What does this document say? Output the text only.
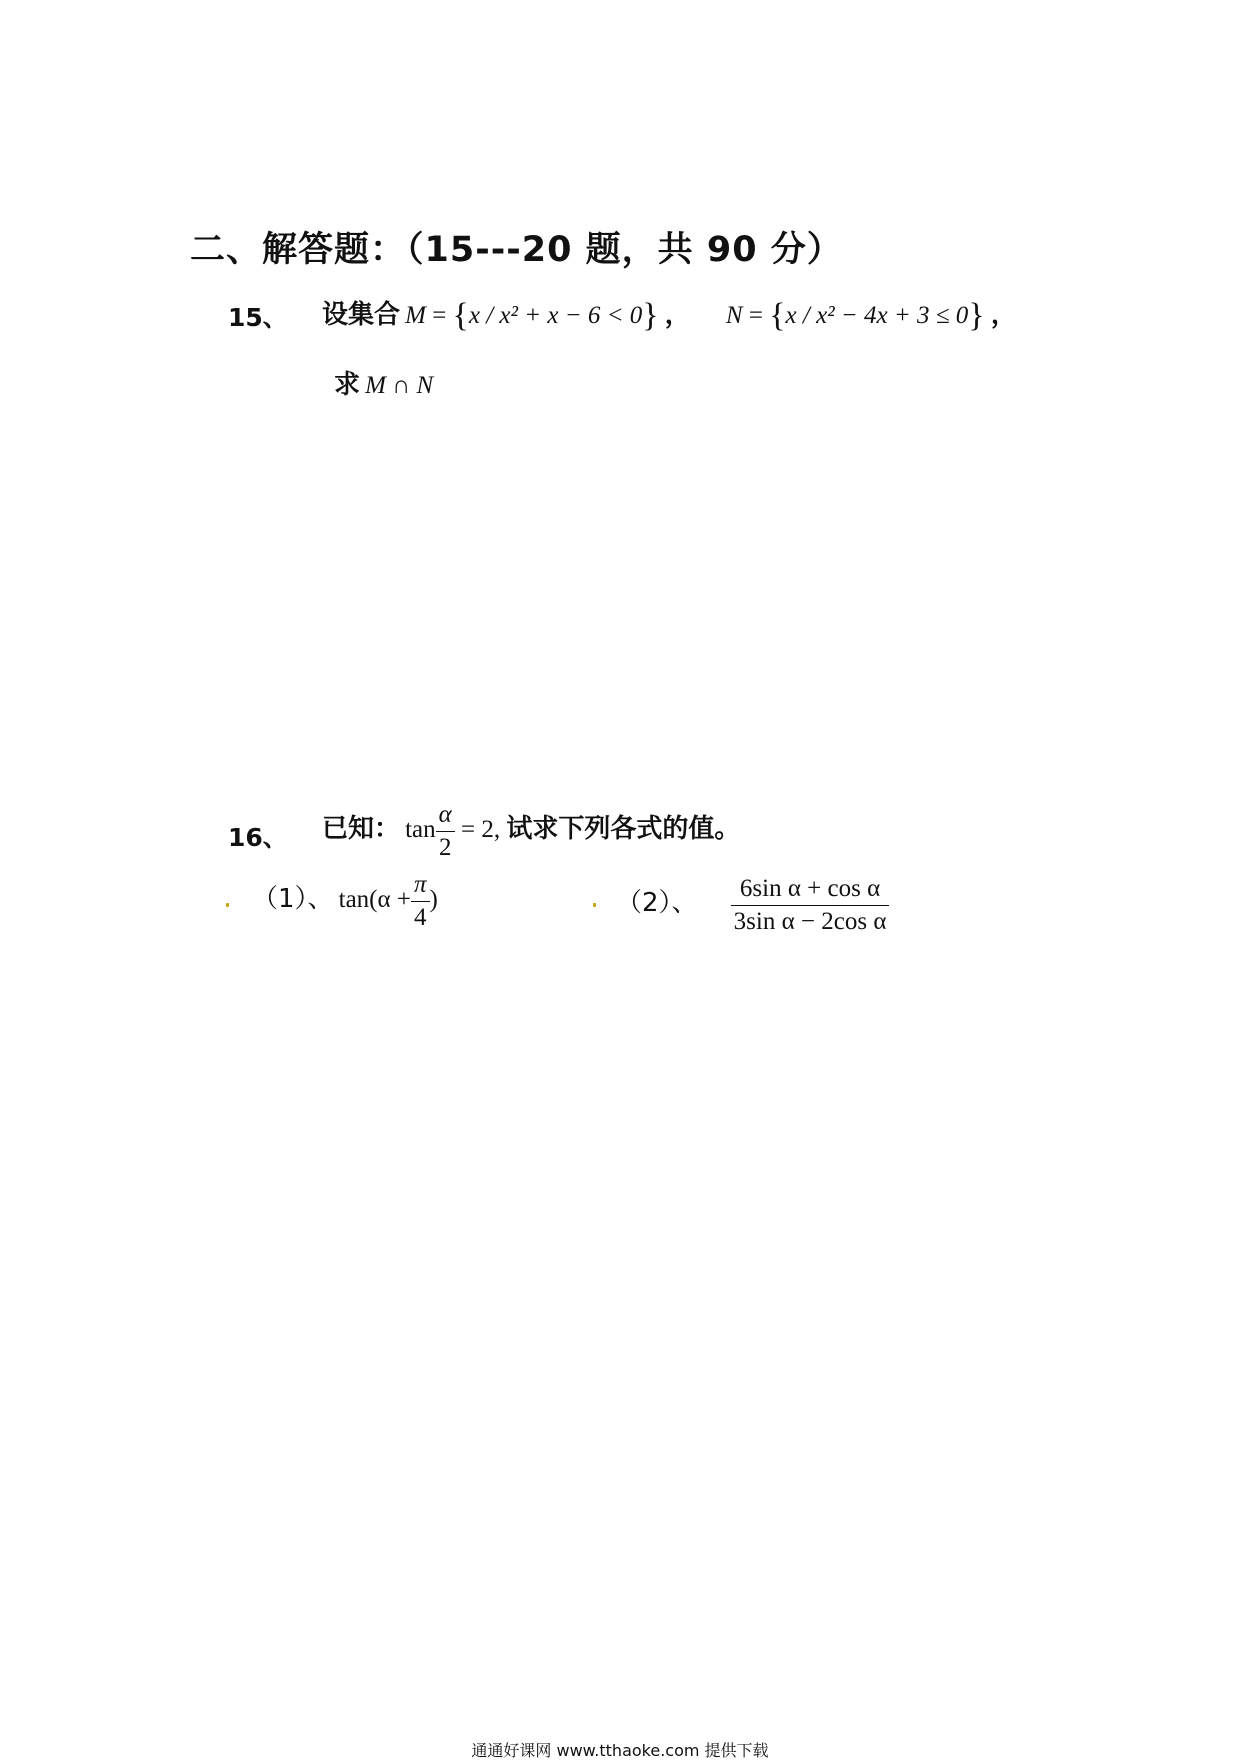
二、解答题：（15---20 题，共 90 分）
15、 设集合 M = {x / x² + x − 6 < 0} ， N = {x / x² − 4x + 3 ≤ 0} ，
求 M ∩ N
16、 已知： $\tan \frac{\alpha}{2} = 2$, 试求下列各式的值。
（1）、 $\tan(\alpha + \frac{\pi}{4}$ )	（2）、 $\frac{\text{6sin α + cos α}}{\text{3sin α − 2cos α}}$
通通好课网 www.tthaoke.com 提供下载
